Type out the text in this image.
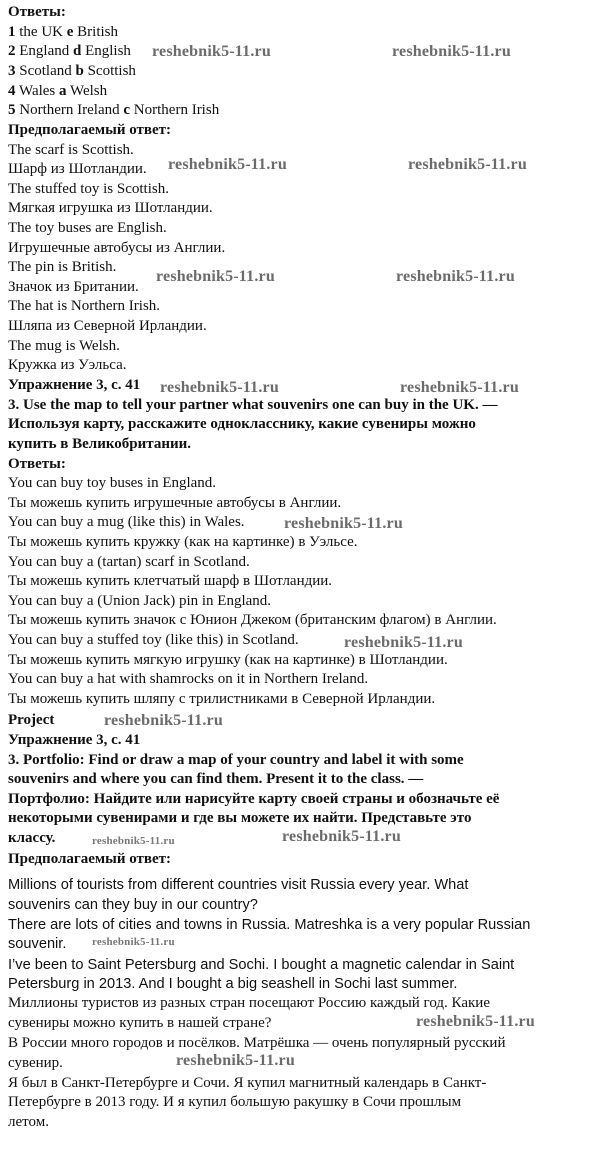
Ответы:
1 the UK e British
2 England d English
3 Scotland b Scottish
4 Wales a Welsh
5 Northern Ireland c Northern Irish
Предполагаемый ответ:
The scarf is Scottish.
Шарф из Шотландии.
The stuffed toy is Scottish.
Мягкая игрушка из Шотландии.
The toy buses are English.
Игрушечные автобусы из Англии.
The pin is British.
Значок из Британии.
The hat is Northern Irish.
Шляпа из Северной Ирландии.
The mug is Welsh.
Кружка из Уэльса.
Упражнение 3, с. 41
3. Use the map to tell your partner what souvenirs one can buy in the UK. —
Используя карту, расскажите однокласснику, какие сувениры можно
купить в Великобритании.
Ответы:
You can buy toy buses in England.
Ты можешь купить игрушечные автобусы в Англии.
You can buy a mug (like this) in Wales.
Ты можешь купить кружку (как на картинке) в Уэльсе.
You can buy a (tartan) scarf in Scotland.
Ты можешь купить клетчатый шарф в Шотландии.
You can buy a (Union Jack) pin in England.
Ты можешь купить значок с Юнион Джеком (британским флагом) в Англии.
You can buy a stuffed toy (like this) in Scotland.
Ты можешь купить мягкую игрушку (как на картинке) в Шотландии.
You can buy a hat with shamrocks on it in Northern Ireland.
Ты можешь купить шляпу с трилистниками в Северной Ирландии.
Project
Упражнение 3, с. 41
3. Portfolio: Find or draw a map of your country and label it with some
souvenirs and where you can find them. Present it to the class. —
Портфолио: Найдите или нарисуйте карту своей страны и обозначьте её
некоторыми сувенирами и где вы можете их найти. Представьте это
классу.
Предполагаемый ответ:
Millions of tourists from different countries visit Russia every year. What
souvenirs can they buy in our country?
There are lots of cities and towns in Russia. Matreshka is a very popular Russian
souvenir.
I’ve been to Saint Petersburg and Sochi. I bought a magnetic calendar in Saint
Petersburg in 2013. And I bought a big seashell in Sochi last summer.
Миллионы туристов из разных стран посещают Россию каждый год. Какие
сувениры можно купить в нашей стране?
В России много городов и посёлков. Матрёшка — очень популярный русский
сувенир.
Я был в Санкт-Петербурге и Сочи. Я купил магнитный календарь в Санкт-
Петербурге в 2013 году. И я купил большую ракушку в Сочи прошлым
летом.
reshebnik5-11.ru	reshebnik5-11.ru
reshebnik5-11.ru	reshebnik5-11.ru
reshebnik5-11.ru	reshebnik5-11.ru
reshebnik5-11.ru	reshebnik5-11.ru
reshebnik5-11.ru
reshebnik5-11.ru
reshebnik5-11.ru
reshebnik5-11.ru	reshebnik5-11.ru
reshebnik5-11.ru
reshebnik5-11.ru
reshebnik5-11.ru
